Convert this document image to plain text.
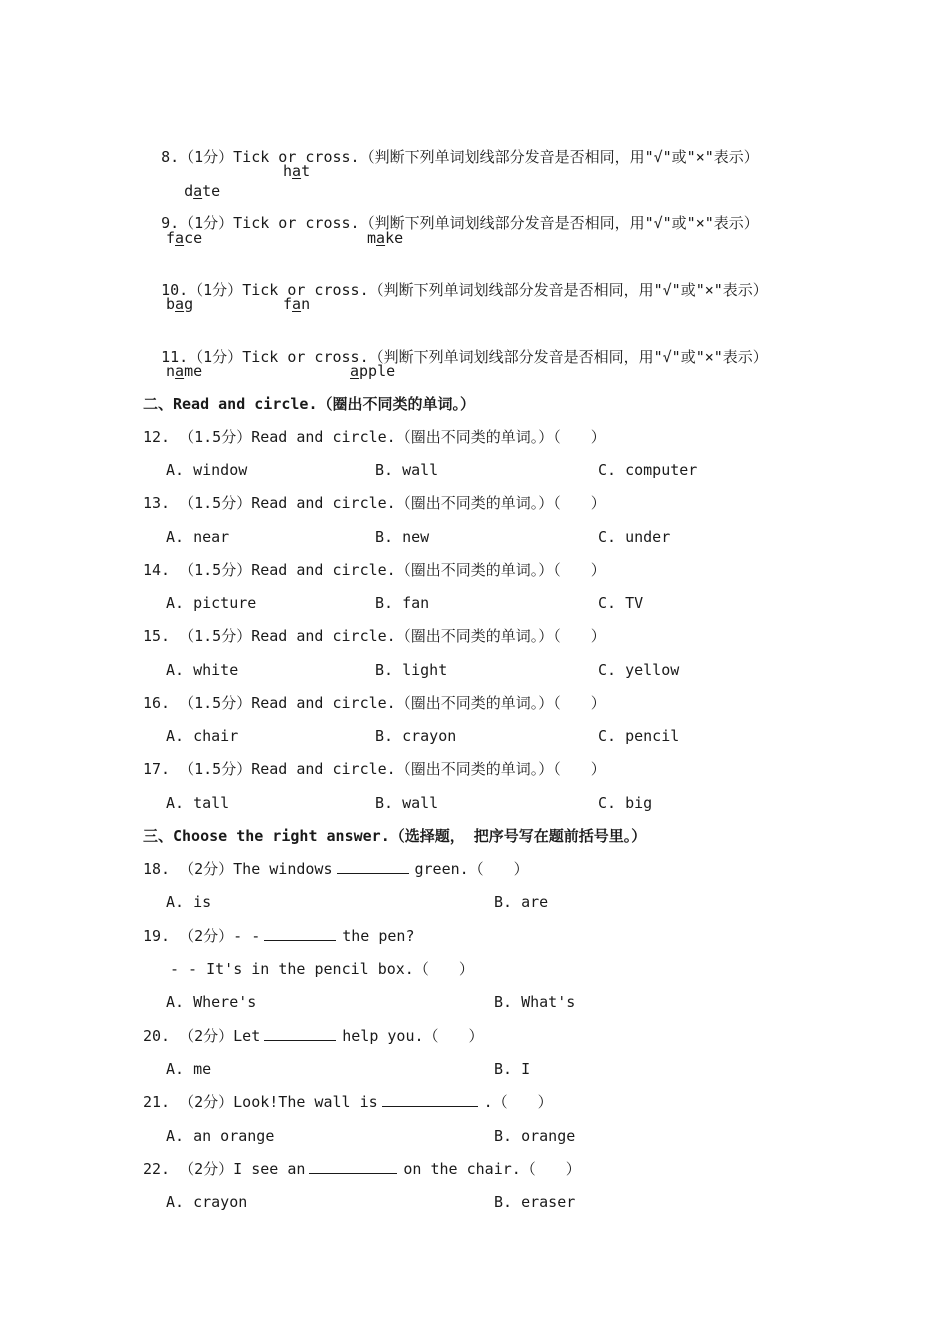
8.（1分）Tick or cross.（判断下列单词划线部分发音是否相同，用"√"或"×"表示）

date

hat

9.（1分）Tick or cross.（判断下列单词划线部分发音是否相同，用"√"或"×"表示）

face	make

10.（1分）Tick or cross.（判断下列单词划线部分发音是否相同，用"√"或"×"表示）

bag	fan

11.（1分）Tick or cross.（判断下列单词划线部分发音是否相同，用"√"或"×"表示）

name	apple
二、Read and circle.（圈出不同类的单词。）
12. （1.5分）Read and circle.（圈出不同类的单词。）（　　）
A. window	B. wall	C. computer
13. （1.5分）Read and circle.（圈出不同类的单词。）（　　）
A. near	B. new	C. under
14. （1.5分）Read and circle.（圈出不同类的单词。）（　　）
A. picture	B. fan	C. TV
15. （1.5分）Read and circle.（圈出不同类的单词。）（　　）
A. white	B. light	C. yellow
16. （1.5分）Read and circle.（圈出不同类的单词。）（　　）
A. chair	B. crayon	C. pencil
17. （1.5分）Read and circle.（圈出不同类的单词。）（　　）
A. tall	B. wall	C. big
三、Choose the right answer.（选择题， 把序号写在题前括号里。）
18. （2分）The windows	green.（　　）
A. is	B. are
19. （2分）- -	the pen?
- - It's in the pencil box.（　　）
A. Where's	B. What's
20. （2分）Let	help you.（　　）
A. me	B. I
21. （2分）Look!The wall is	.（　　）
A. an orange	B. orange
22. （2分）I see an	on the chair.（　　）
A. crayon	B. eraser
